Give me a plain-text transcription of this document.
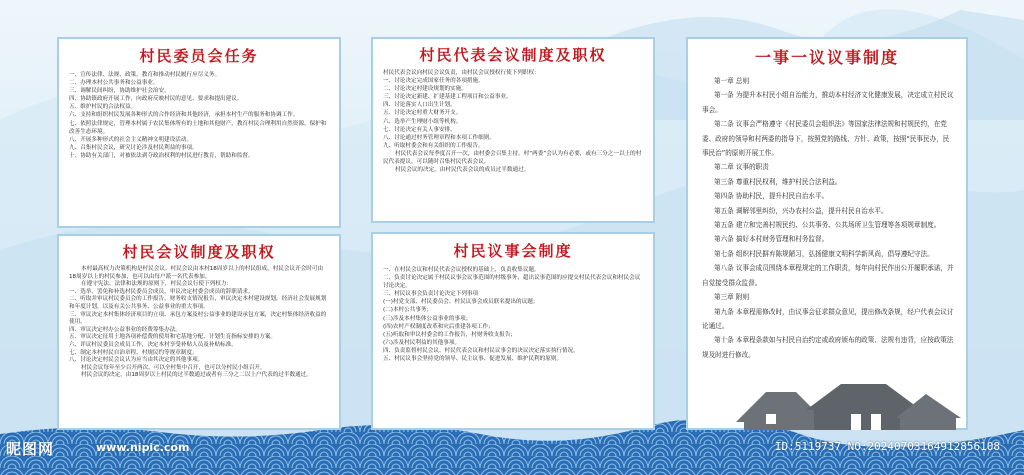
村民委员会任务

一、宣传法律、法规、政策，教育和推动村民履行应尽义务。

二、办理本村公共事务和公益事业。

三、调解民间纠纷，协助维护社会治安。

四、协助镇政府开展工作，向政府反映村民的意见、要求和提出建议。

五、维护村民的合法权益。

六、支持和组织村民发展各种形式的合作经济和其他经济，承担本村生产的服务和协调工作。

七、依照法律规定，管理本村属于农民集体所有的土地和其他财产，教育村民合理利用自然资源，保护和改善生态环境。

八、开展多种形式的社会主义精神文明建设活动。

九、召集村民会议，研究讨论涉及村民利益的事项。

十、协助有关部门，对被依法剥夺政治权利的村民进行教育，帮助和监督。

村民会议制度及职权

本村最高权力决策机构是村民会议。村民会议由本村18周岁以上的村民组成，村民会议开会时可由18周岁以上的村民参加，也可以由每户派一名代表参加。

在遵守宪法、法律和法规的原则下，村民会议行使下列权力：

一、选举、罢免和补选村民委员会成员，审议决定村委会成员的辞职请求。

二、听取并审议村民委员会的工作报告，财务收支情况报告，审议决定本村建设规划，经济社会发展规划和年度计划，以及有关公共事务、公益事业的重大事项。

三、审议决定本村集体经济项目的立项、承包方案及村公益事业的建设承包方案，决定村集体经济收益的使用。

四、审议决定村办公益事业的经费筹集办法。

五、审议决定征用土地各项补偿费的使用和宅基地分配、计划生育指标安排的方案。

六、评议村民委员会成员工作，决定本村享受补贴人员及补贴标准。

七、制定本村村民自治章程，村规民约等规章制度。

八、讨论决定村民会议认为应当由其决定的其他事项。

村民会议每年至少召开两次，可以全村集中召开，也可以分村民小组召开。

村民会议的决定，由18周岁以上村民的过半数通过或者有三分之二以上户代表的过半数通过。

村民代表会议制度及职权

村民代表会议向村民会议负责，由村民会议授权行使下列职权：

一、讨论决定完成国家任务的各项措施。

二、讨论决定村建设规划的实施。

三、讨论决定新建、扩建基建工程项目和公益事业。

四、讨论落实人口出生计划。

五、讨论决定村重大财务开支。

六、选举产生理财小组等机构。

七、讨论决定有关人事安排。

八、讨论通过村务管理章程和本项工作细则。

九、听取村委会和有关组织的工作报告。

村民代表会议每季度召开一次，由村委会召集主持。村“两委”会认为有必要，或有三分之一以上的村民代表提议，可以随时召集村民代表会议。

村民会议的决定，由村民代表会议的成员过半数通过。

村民议事会制度

一、在村民会议和村民代表会议授权的基础上，负责收集议题。

二、负责讨论决定属于村民议事会议事范围的村级事务，超出议事范围的应提交村民代表会议和村民会议讨论决定。

三、村民议事会负责讨论决定下列事项

(一)村党支部、村民委员会、村民议事会成员联名提出的议题；

(二)本村公共事务；

(三)涉及本村集体公益事业的事项；

(四)农村产权制度改革和灾后重建各项工作；

(五)听取和审议村委会的工作报告，村财务收支报告；

(六)涉及村民利益的其他事项。

四、负责监督村民会议、村民代表会议和村民议事会的决议决定落实执行情况。

五、村民议事会坚持党的领导、民主议事、促进发展、维护民利的原则。

一事一议议事制度

第一章 总则

第一条 为提升本村民小组自治能力，推动本村经济文化健康发展，决定成立村民议事会。

第二条 议事会严格遵守《村民委员会组织法》等国家法律法规和村规民约，在党委、政府的领导和村两委的指导下，按照党的路线、方针、政策，按照“民事民办，民事民治”的原则开展工作。

第二章 议事的职责

第三条 尊重村民权利，维护村民合法利益。

第四条 协助村民，提升村民自治水平。

第五条 调解邻里纠纷，兴办农村公益，提升村民自治水平。

第五条 建立和完善村规民约、公共事务、公共场所卫生管理等各项规章制度。

第六条 搞好本村财务管理和村务监督。

第七条 组织村民摒弃陈规陋习，弘扬健康文明科学新风尚，倡导遵纪守法。

第八条 议事会成员围绕本章程规定的工作职责，每年向村民作出公开履职承诺，并自觉接受群众监督。

第三章 附则

第九条 本章程需修改时，由议事会征求群众意见，提出修改条规，经户代表会议讨论通过。

第十条 本章程条款如与村民自治约定或政府颁布的政策、法规有违背，应按政策法规及时进行修改。

昵图网	www.nipic.com	ID:5119737 NO:20240703164912856108
